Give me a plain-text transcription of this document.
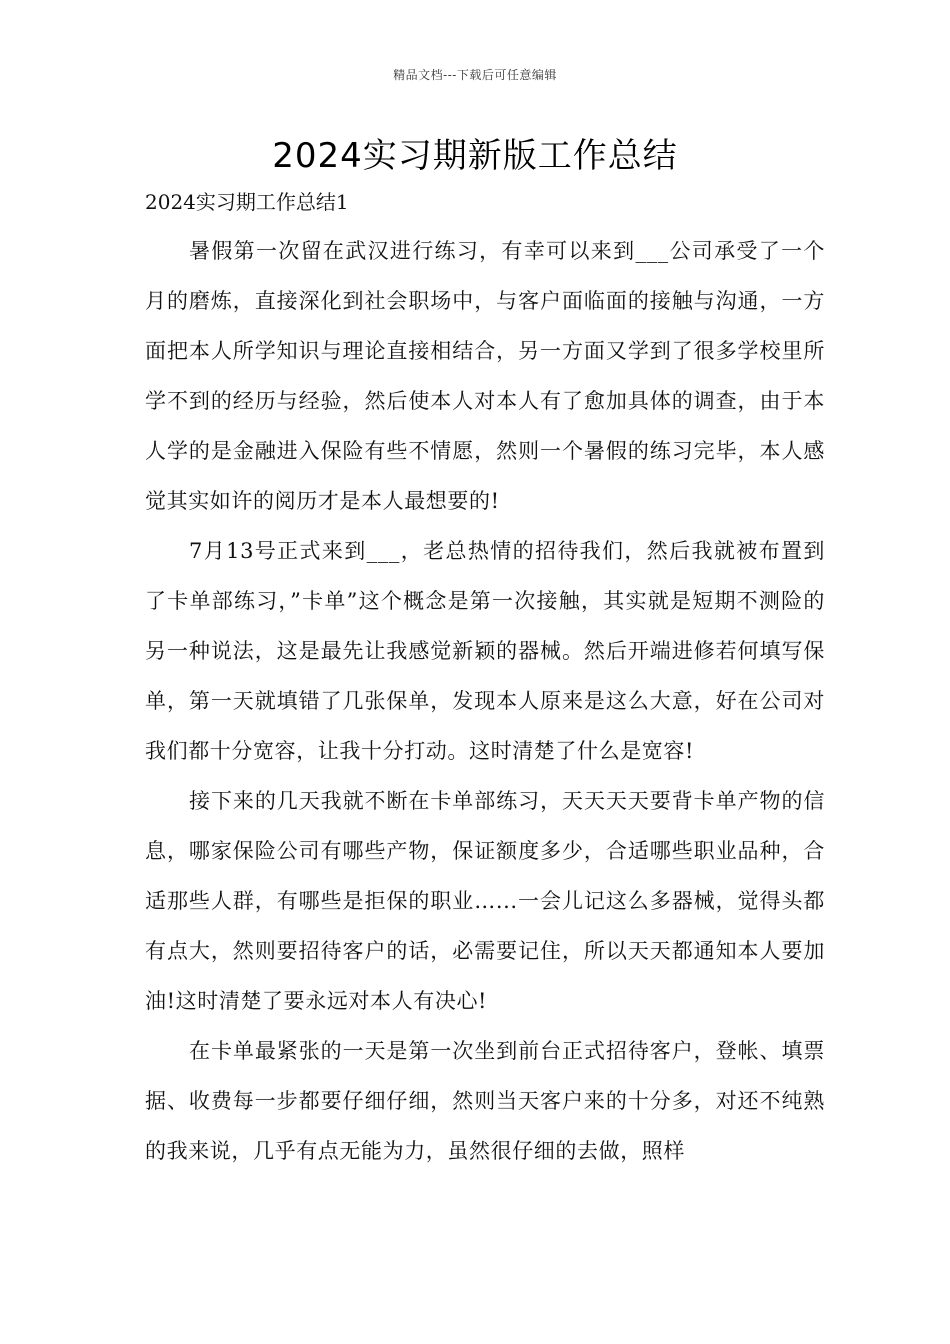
精品文档---下载后可任意编辑
2024实习期新版工作总结

2024实习期工作总结1

暑假第一次留在武汉进行练习，有幸可以来到___公司承受了一个月的磨炼，直接深化到社会职场中，与客户面临面的接触与沟通，一方面把本人所学知识与理论直接相结合，另一方面又学到了很多学校里所学不到的经历与经验，然后使本人对本人有了愈加具体的调查，由于本人学的是金融进入保险有些不情愿，然则一个暑假的练习完毕，本人感觉其实如许的阅历才是本人最想要的!

7月13号正式来到___，老总热情的招待我们，然后我就被布置到了卡单部练习，”卡单”这个概念是第一次接触，其实就是短期不测险的另一种说法，这是最先让我感觉新颖的器械。然后开端进修若何填写保单，第一天就填错了几张保单，发现本人原来是这么大意，好在公司对我们都十分宽容，让我十分打动。这时清楚了什么是宽容!

接下来的几天我就不断在卡单部练习，天天天天要背卡单产物的信息，哪家保险公司有哪些产物，保证额度多少，合适哪些职业品种，合适那些人群，有哪些是拒保的职业…...一会儿记这么多器械，觉得头都有点大，然则要招待客户的话，必需要记住，所以天天都通知本人要加油!这时清楚了要永远对本人有决心!

在卡单最紧张的一天是第一次坐到前台正式招待客户，登帐、填票据、收费每一步都要仔细仔细，然则当天客户来的十分多，对还不纯熟的我来说，几乎有点无能为力，虽然很仔细的去做，照样
